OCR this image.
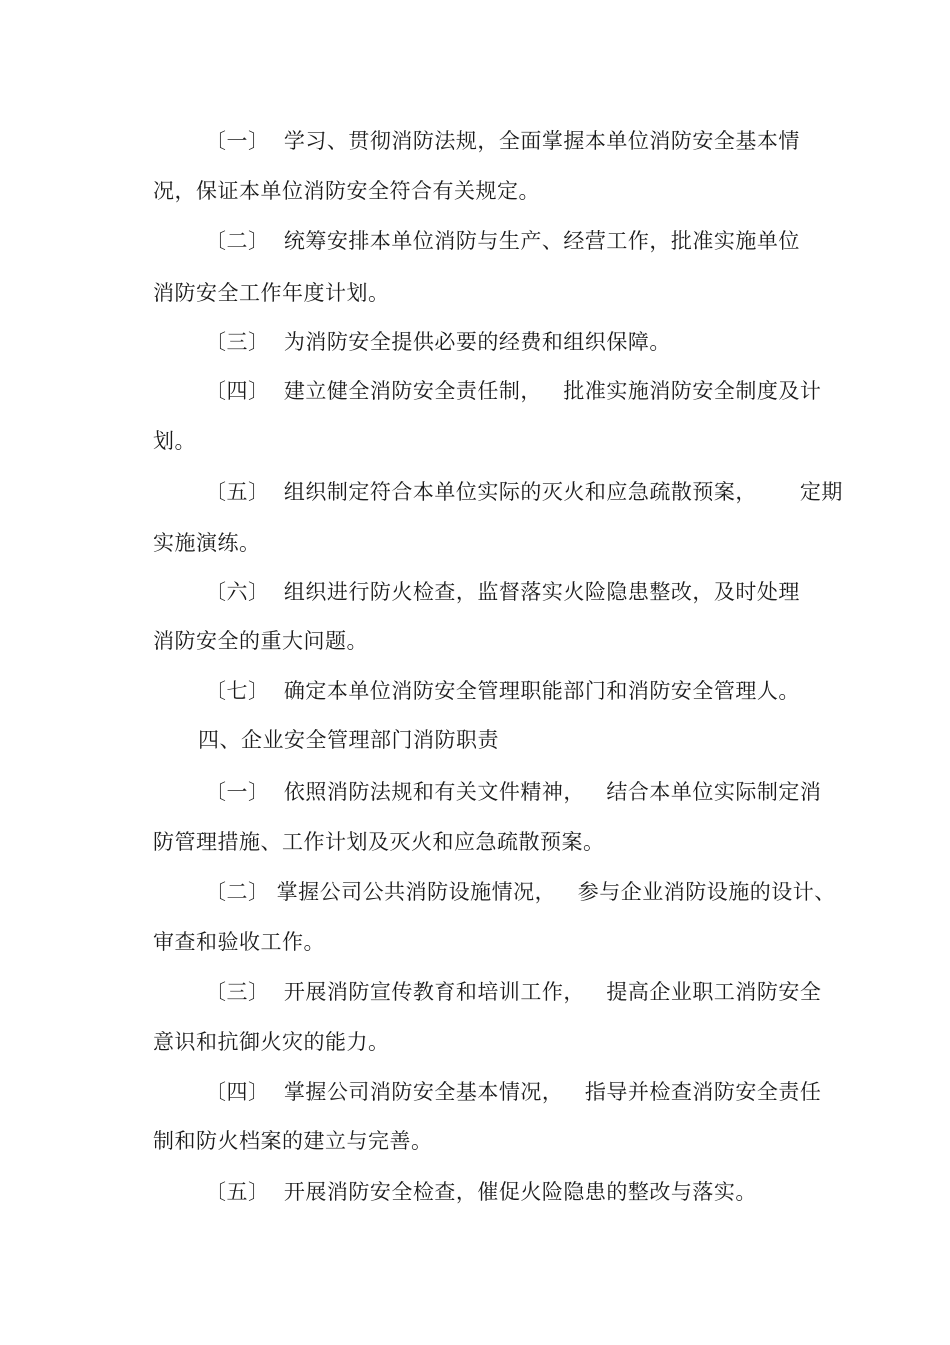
〔一〕  学习、贯彻消防法规，全面掌握本单位消防安全基本情
况，保证本单位消防安全符合有关规定。
〔二〕  统筹安排本单位消防与生产、经营工作，批准实施单位
消防安全工作年度计划。
〔三〕  为消防安全提供必要的经费和组织保障。
〔四〕  建立健全消防安全责任制，   批准实施消防安全制度及计
划。
〔五〕  组织制定符合本单位实际的灭火和应急疏散预案，      定期
实施演练。
〔六〕  组织进行防火检查，监督落实火险隐患整改，及时处理
消防安全的重大问题。
〔七〕  确定本单位消防安全管理职能部门和消防安全管理人。
四、企业安全管理部门消防职责
〔一〕  依照消防法规和有关文件精神，   结合本单位实际制定消
防管理措施、工作计划及灭火和应急疏散预案。
〔二〕 掌握公司公共消防设施情况，   参与企业消防设施的设计、
审查和验收工作。
〔三〕  开展消防宣传教育和培训工作，   提高企业职工消防安全
意识和抗御火灾的能力。
〔四〕  掌握公司消防安全基本情况，   指导并检查消防安全责任
制和防火档案的建立与完善。
〔五〕  开展消防安全检查，催促火险隐患的整改与落实。
